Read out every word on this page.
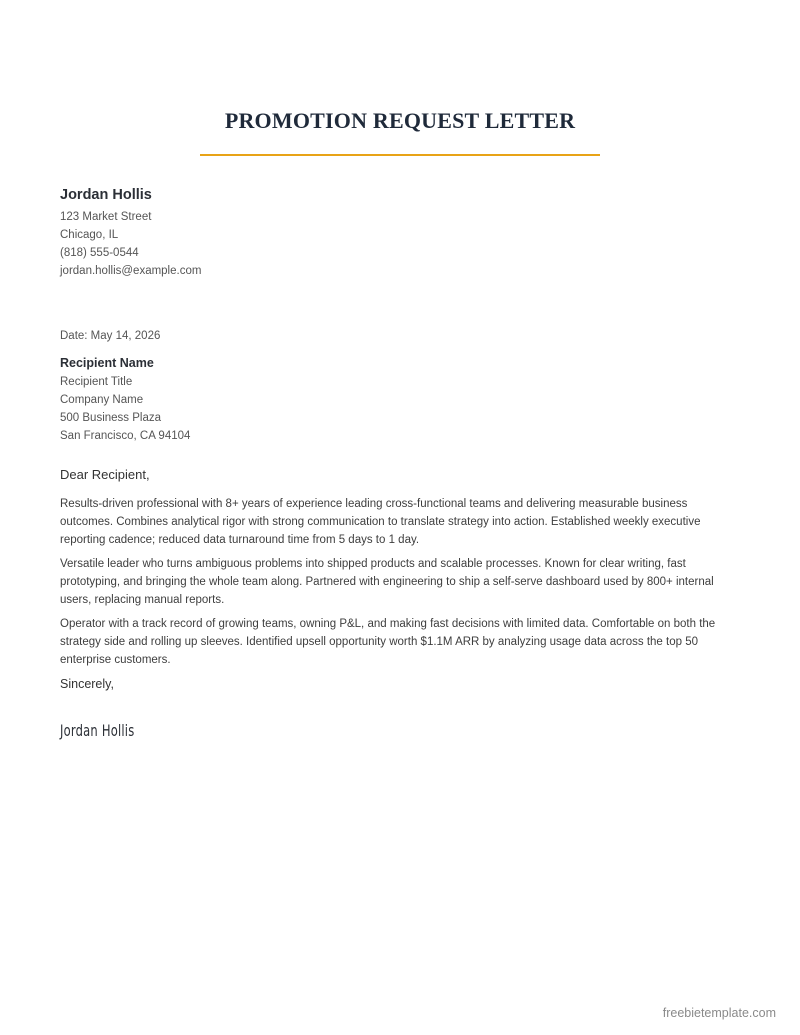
PROMOTION REQUEST LETTER

Jordan Hollis

123 Market Street

Chicago, IL

(818) 555-0544

jordan.hollis@example.com

Date: May 14, 2026

Recipient Name

Recipient Title

Company Name

500 Business Plaza

San Francisco, CA 94104

Dear Recipient,

Results-driven professional with 8+ years of experience leading cross-functional teams and delivering measurable business outcomes. Combines analytical rigor with strong communication to translate strategy into action. Established weekly executive reporting cadence; reduced data turnaround time from 5 days to 1 day.

Versatile leader who turns ambiguous problems into shipped products and scalable processes. Known for clear writing, fast prototyping, and bringing the whole team along. Partnered with engineering to ship a self-serve dashboard used by 800+ internal users, replacing manual reports.

Operator with a track record of growing teams, owning P&L, and making fast decisions with limited data. Comfortable on both the strategy side and rolling up sleeves. Identified upsell opportunity worth $1.1M ARR by analyzing usage data across the top 50 enterprise customers.

Sincerely,

Jordan Hollis

freebietemplate.com
